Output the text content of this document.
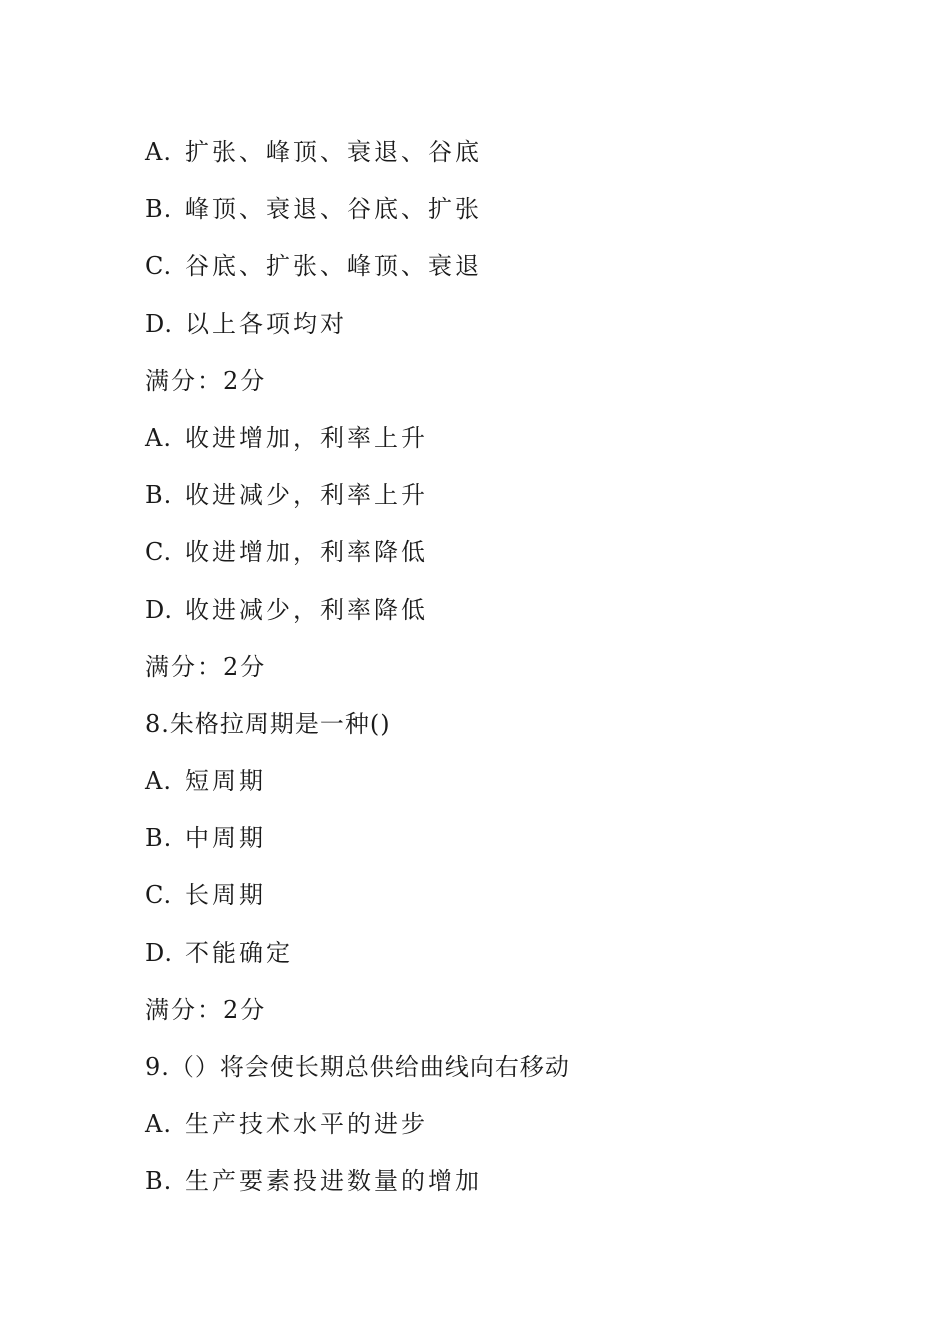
A. 扩张、峰顶、衰退、谷底
B. 峰顶、衰退、谷底、扩张
C. 谷底、扩张、峰顶、衰退
D. 以上各项均对
满分：2分
A. 收进增加，利率上升
B. 收进减少，利率上升
C. 收进增加，利率降低
D. 收进减少，利率降低
满分：2分
8.朱格拉周期是一种()
A. 短周期
B. 中周期
C. 长周期
D. 不能确定
满分：2分
9.（）将会使长期总供给曲线向右移动
A. 生产技术水平的进步
B. 生产要素投进数量的增加
